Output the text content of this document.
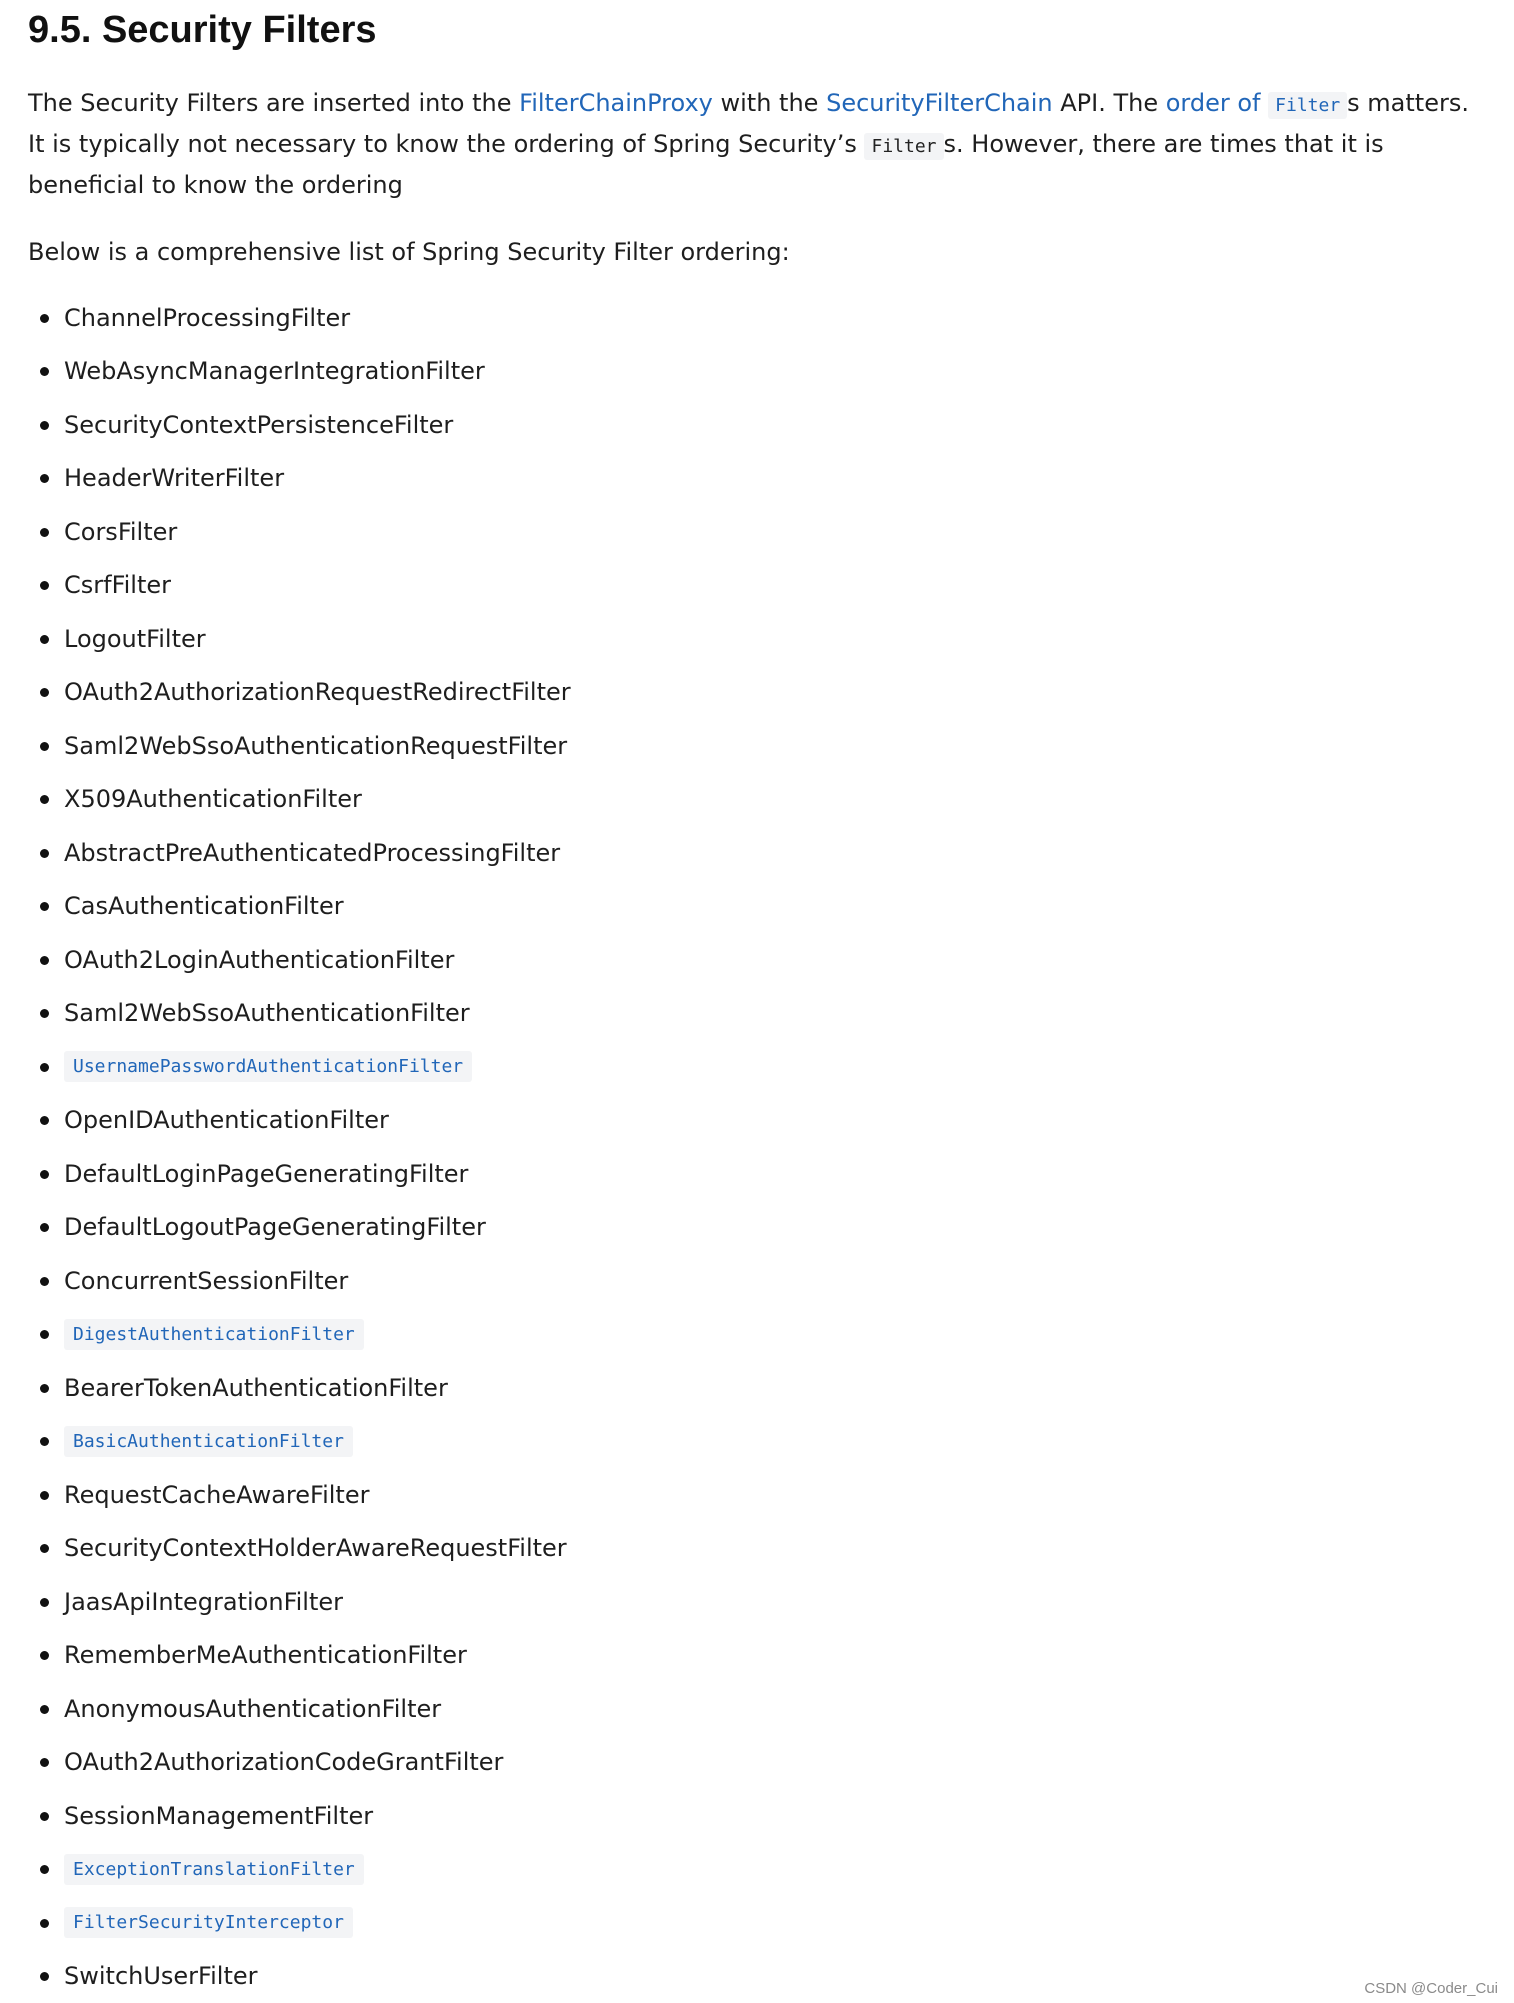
9.5. Security Filters

The Security Filters are inserted into the FilterChainProxy with the SecurityFilterChain API. The order of Filter s matters. It is typically not necessary to know the ordering of Spring Security’s Filter s. However, there are times that it is beneficial to know the ordering

Below is a comprehensive list of Spring Security Filter ordering:

ChannelProcessingFilter
WebAsyncManagerIntegrationFilter
SecurityContextPersistenceFilter
HeaderWriterFilter
CorsFilter
CsrfFilter
LogoutFilter
OAuth2AuthorizationRequestRedirectFilter
Saml2WebSsoAuthenticationRequestFilter
X509AuthenticationFilter
AbstractPreAuthenticatedProcessingFilter
CasAuthenticationFilter
OAuth2LoginAuthenticationFilter
Saml2WebSsoAuthenticationFilter
UsernamePasswordAuthenticationFilter
OpenIDAuthenticationFilter
DefaultLoginPageGeneratingFilter
DefaultLogoutPageGeneratingFilter
ConcurrentSessionFilter
DigestAuthenticationFilter
BearerTokenAuthenticationFilter
BasicAuthenticationFilter
RequestCacheAwareFilter
SecurityContextHolderAwareRequestFilter
JaasApiIntegrationFilter
RememberMeAuthenticationFilter
AnonymousAuthenticationFilter
OAuth2AuthorizationCodeGrantFilter
SessionManagementFilter
ExceptionTranslationFilter
FilterSecurityInterceptor
SwitchUserFilter	CSDN @Coder_Cui
